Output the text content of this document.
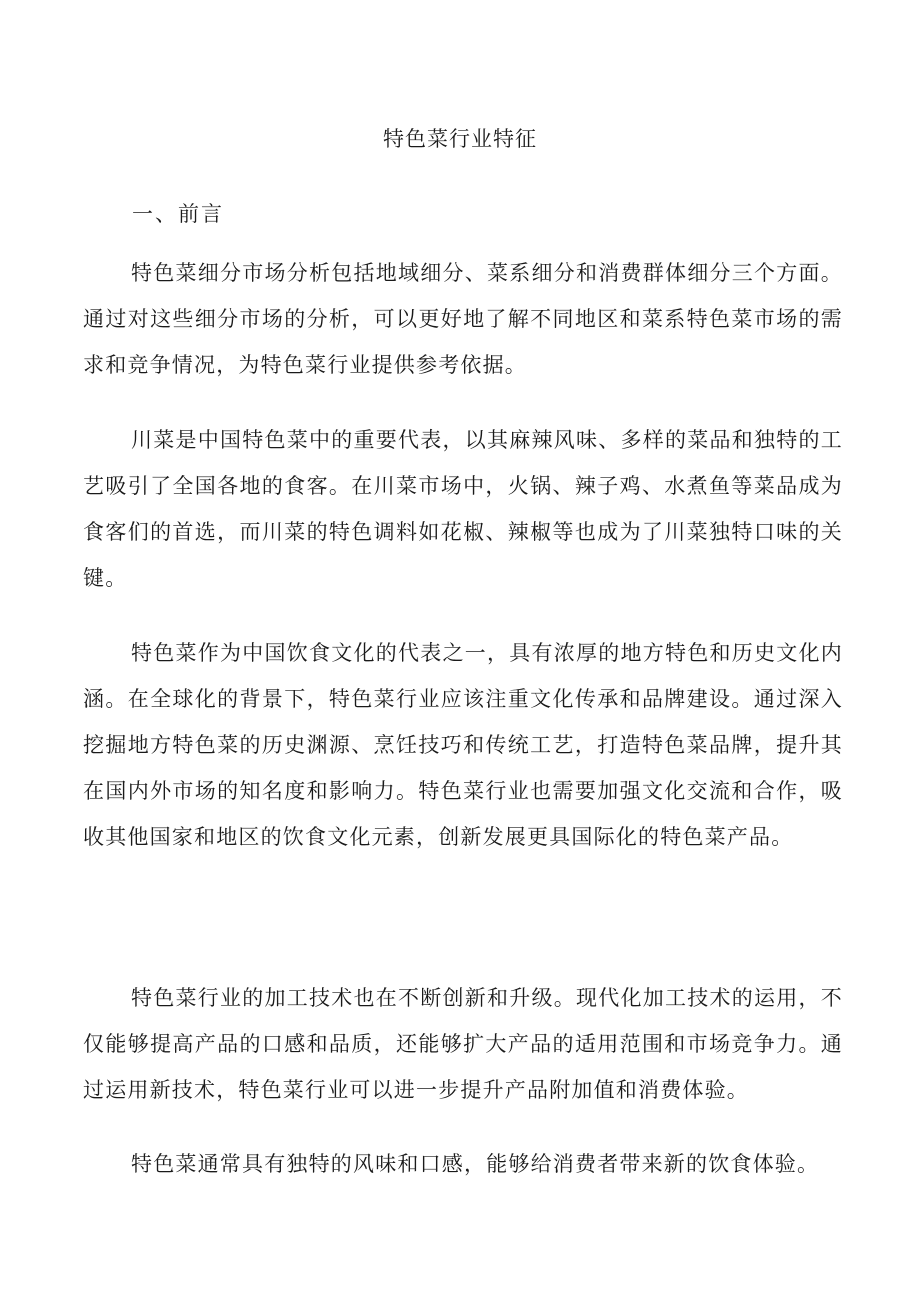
特色菜行业特征
一、前言

特色菜细分市场分析包括地域细分、菜系细分和消费群体细分三个方面。通过对这些细分市场的分析，可以更好地了解不同地区和菜系特色菜市场的需求和竞争情况，为特色菜行业提供参考依据。

川菜是中国特色菜中的重要代表，以其麻辣风味、多样的菜品和独特的工艺吸引了全国各地的食客。在川菜市场中，火锅、辣子鸡、水煮鱼等菜品成为食客们的首选，而川菜的特色调料如花椒、辣椒等也成为了川菜独特口味的关键。

特色菜作为中国饮食文化的代表之一，具有浓厚的地方特色和历史文化内涵。在全球化的背景下，特色菜行业应该注重文化传承和品牌建设。通过深入挖掘地方特色菜的历史渊源、烹饪技巧和传统工艺，打造特色菜品牌，提升其在国内外市场的知名度和影响力。特色菜行业也需要加强文化交流和合作，吸收其他国家和地区的饮食文化元素，创新发展更具国际化的特色菜产品。

特色菜行业的加工技术也在不断创新和升级。现代化加工技术的运用，不仅能够提高产品的口感和品质，还能够扩大产品的适用范围和市场竞争力。通过运用新技术，特色菜行业可以进一步提升产品附加值和消费体验。

特色菜通常具有独特的风味和口感，能够给消费者带来新的饮食体验。
